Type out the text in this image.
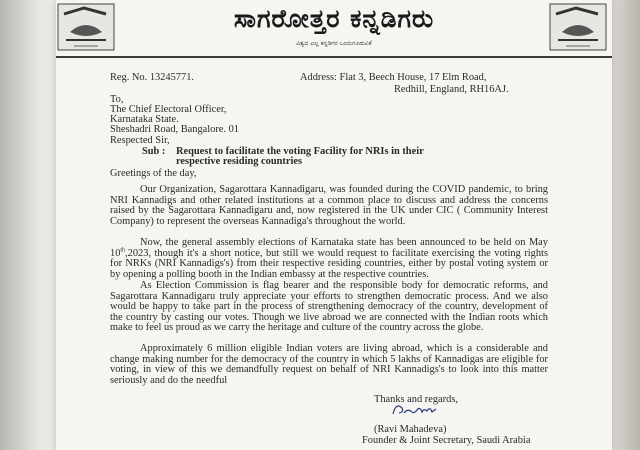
ಸಾಗರೋತ್ತರ ಕನ್ನಡಿಗರು
ವಿಶ್ವದ ಎಲ್ಲ ಕನ್ನಡಿಗರ ಒಂದುಗೂಡುವಿಕೆ
Reg. No. 13245771.	Address: Flat 3, Beech House, 17 Elm Road,
Redhill, England, RH16AJ.
To,
The Chief Electoral Officer,
Karnataka State.
Sheshadri Road, Bangalore. 01
Respected Sir,
Sub : Request to facilitate the voting Facility for NRIs in their
respective residing countries
Greetings of the day,
Our Organization, Sagarottara Kannadigaru, was founded during the COVID pandemic, to bring NRI Kannadigs and other related institutions at a common place to discuss and address the concerns raised by the Sagarottara Kannadigaru and, now registered in the UK under CIC ( Community Interest Company) to represent the overseas Kannadiga's throughout the world.
Now, the general assembly elections of Karnataka state has been announced to be held on May 10th,2023, though it's a short notice, but still we would request to facilitate exercising the voting rights for NRKs (NRI Kannadigs's) from their respective residing countries, either by postal voting system or by opening a polling booth in the Indian embassy at the respective countries.
As Election Commission is flag bearer and the responsible body for democratic reforms, and Sagarottara Kannadigaru truly appreciate your efforts to strengthen democratic process. And we also would be happy to take part in the process of strengthening democracy of the country, development of the country by casting our votes. Though we live abroad we are connected with the Indian roots which make to feel us proud as we carry the heritage and culture of the country across the globe.
Approximately 6 million eligible Indian voters are living abroad, which is a considerable and change making number for the democracy of the country in which 5 lakhs of Kannadigas are eligible for voting, in view of this we demandfully request on behalf of NRI Kannadigs's to look into this matter seriously and do the needful
Thanks and regards,
(Ravi Mahadeva)
Founder & Joint Secretary, Saudi Arabia
